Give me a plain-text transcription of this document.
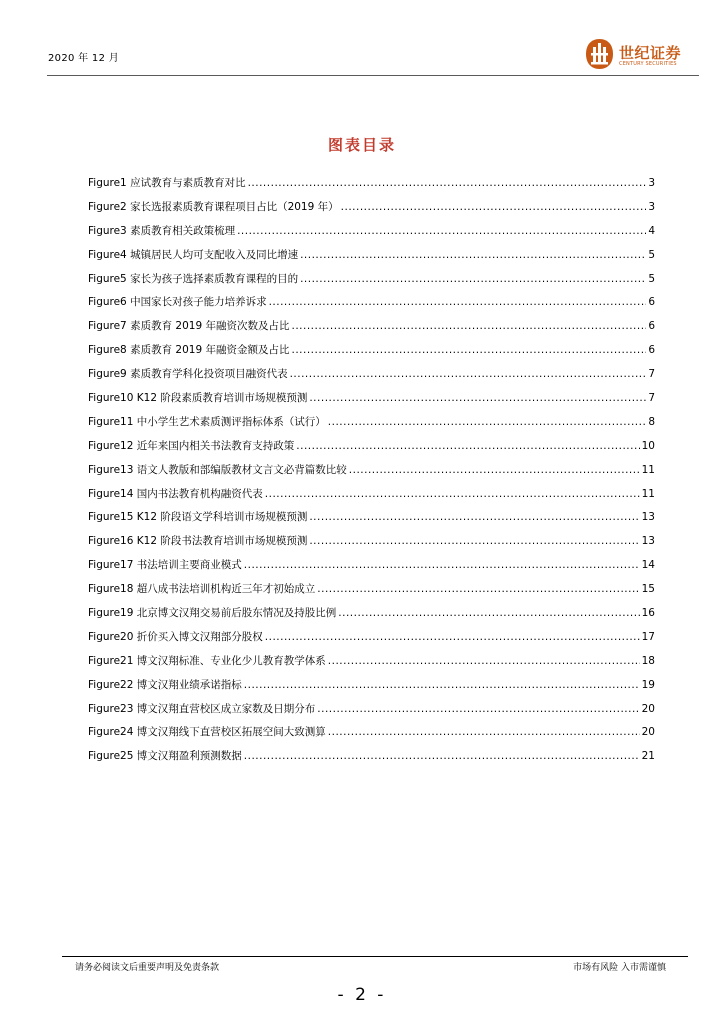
2020 年 12 月	世纪证券
CENTURY SECURITIES
图表目录
Figure1 应试教育与素质教育对比 .....	3
Figure2 家长选报素质教育课程项目占比（2019 年） .....	3
Figure3 素质教育相关政策梳理 .....	4
Figure4 城镇居民人均可支配收入及同比增速 .....	5
Figure5 家长为孩子选择素质教育课程的目的 .....	5
Figure6 中国家长对孩子能力培养诉求 .....	6
Figure7 素质教育 2019 年融资次数及占比 .....	6
Figure8 素质教育 2019 年融资金额及占比 .....	6
Figure9 素质教育学科化投资项目融资代表 .....	7
Figure10 K12 阶段素质教育培训市场规模预测 .....	7
Figure11 中小学生艺术素质测评指标体系（试行） .....	8
Figure12 近年来国内相关书法教育支持政策 .....	10
Figure13 语文人教版和部编版教材文言文必背篇数比较 .....	11
Figure14 国内书法教育机构融资代表 .....	11
Figure15 K12 阶段语文学科培训市场规模预测 .....	13
Figure16 K12 阶段书法教育培训市场规模预测 .....	13
Figure17 书法培训主要商业模式 .....	14
Figure18 超八成书法培训机构近三年才初始成立 .....	15
Figure19 北京博文汉翔交易前后股东情况及持股比例 .....	16
Figure20 折价买入博文汉翔部分股权 .....	17
Figure21 博文汉翔标准、专业化少儿教育教学体系 .....	18
Figure22 博文汉翔业绩承诺指标 .....	19
Figure23 博文汉翔直营校区成立家数及日期分布 .....	20
Figure24 博文汉翔线下直营校区拓展空间大致测算 .....	20
Figure25 博文汉翔盈利预测数据 .....	21
请务必阅读文后重要声明及免责条款	市场有风险 入市需谨慎
- 2 -
